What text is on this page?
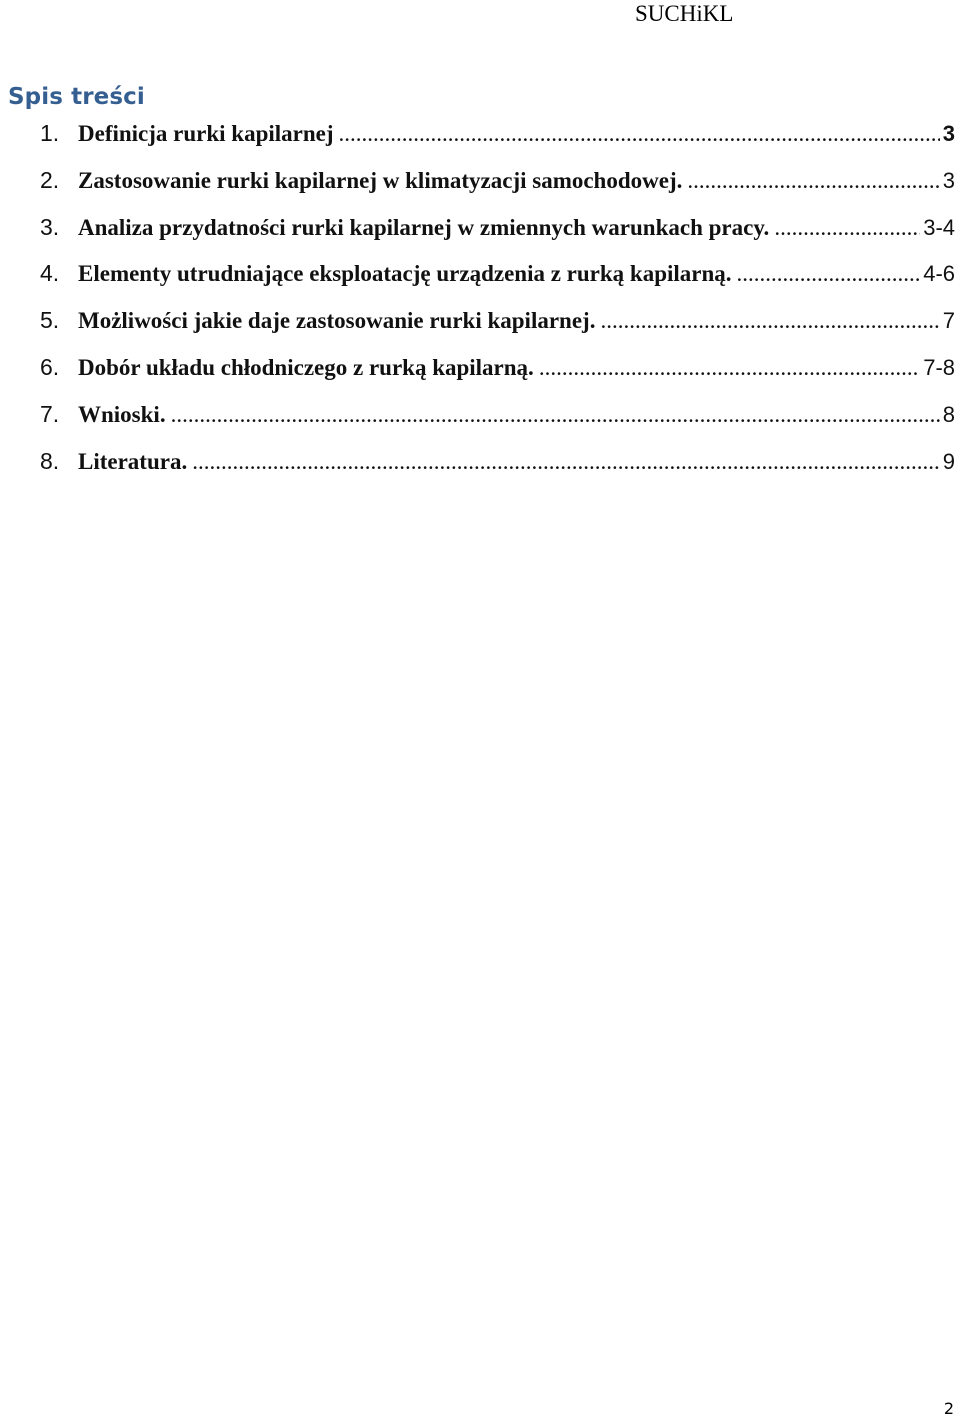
SUCHiKL
Spis treści
1. Definicja rurki kapilarnej .....	3
2. Zastosowanie rurki kapilarnej w klimatyzacji samochodowej. .....	3
3. Analiza przydatności rurki kapilarnej w zmiennych warunkach pracy. .....	3-4
4. Elementy utrudniające eksploatację urządzenia z rurką kapilarną. .....	4-6
5. Możliwości jakie daje zastosowanie rurki kapilarnej. .....	7
6. Dobór układu chłodniczego z rurką kapilarną. .....	7-8
7. Wnioski. .....	8
8. Literatura. .....	9
2
